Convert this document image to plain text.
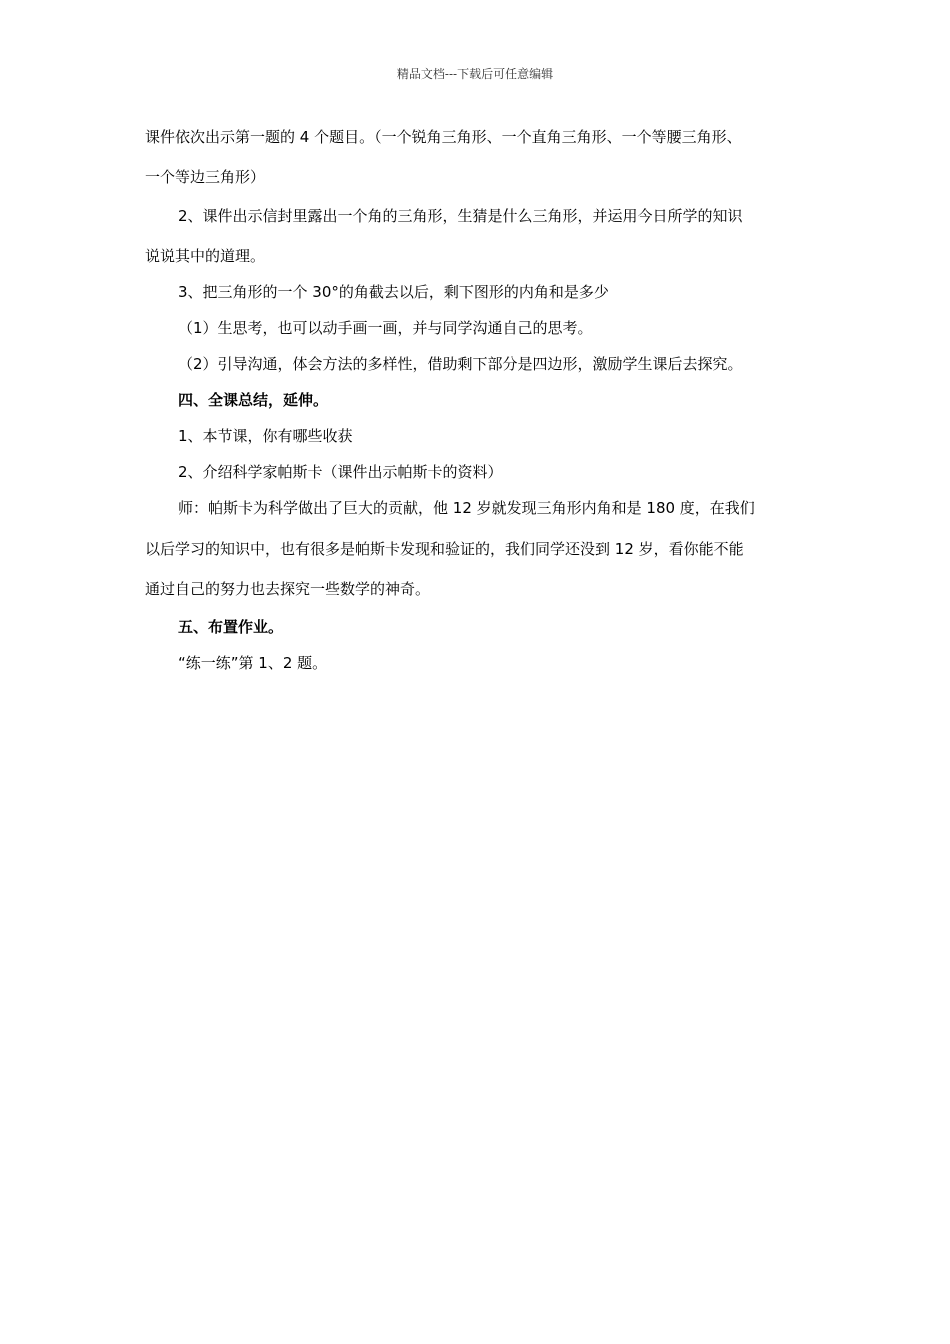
精品文档---下载后可任意编辑
课件依次出示第一题的 4 个题目。（一个锐角三角形、一个直角三角形、一个等腰三角形、
一个等边三角形）
2、课件出示信封里露出一个角的三角形，生猜是什么三角形，并运用今日所学的知识
说说其中的道理。
3、把三角形的一个 30°的角截去以后，剩下图形的内角和是多少
（1）生思考，也可以动手画一画，并与同学沟通自己的思考。
（2）引导沟通，体会方法的多样性，借助剩下部分是四边形，激励学生课后去探究。
四、全课总结，延伸。
1、本节课，你有哪些收获
2、介绍科学家帕斯卡（课件出示帕斯卡的资料）
师：帕斯卡为科学做出了巨大的贡献，他 12 岁就发现三角形内角和是 180 度，在我们
以后学习的知识中，也有很多是帕斯卡发现和验证的，我们同学还没到 12 岁，看你能不能
通过自己的努力也去探究一些数学的神奇。
五、布置作业。
“练一练”第 1、2 题。
